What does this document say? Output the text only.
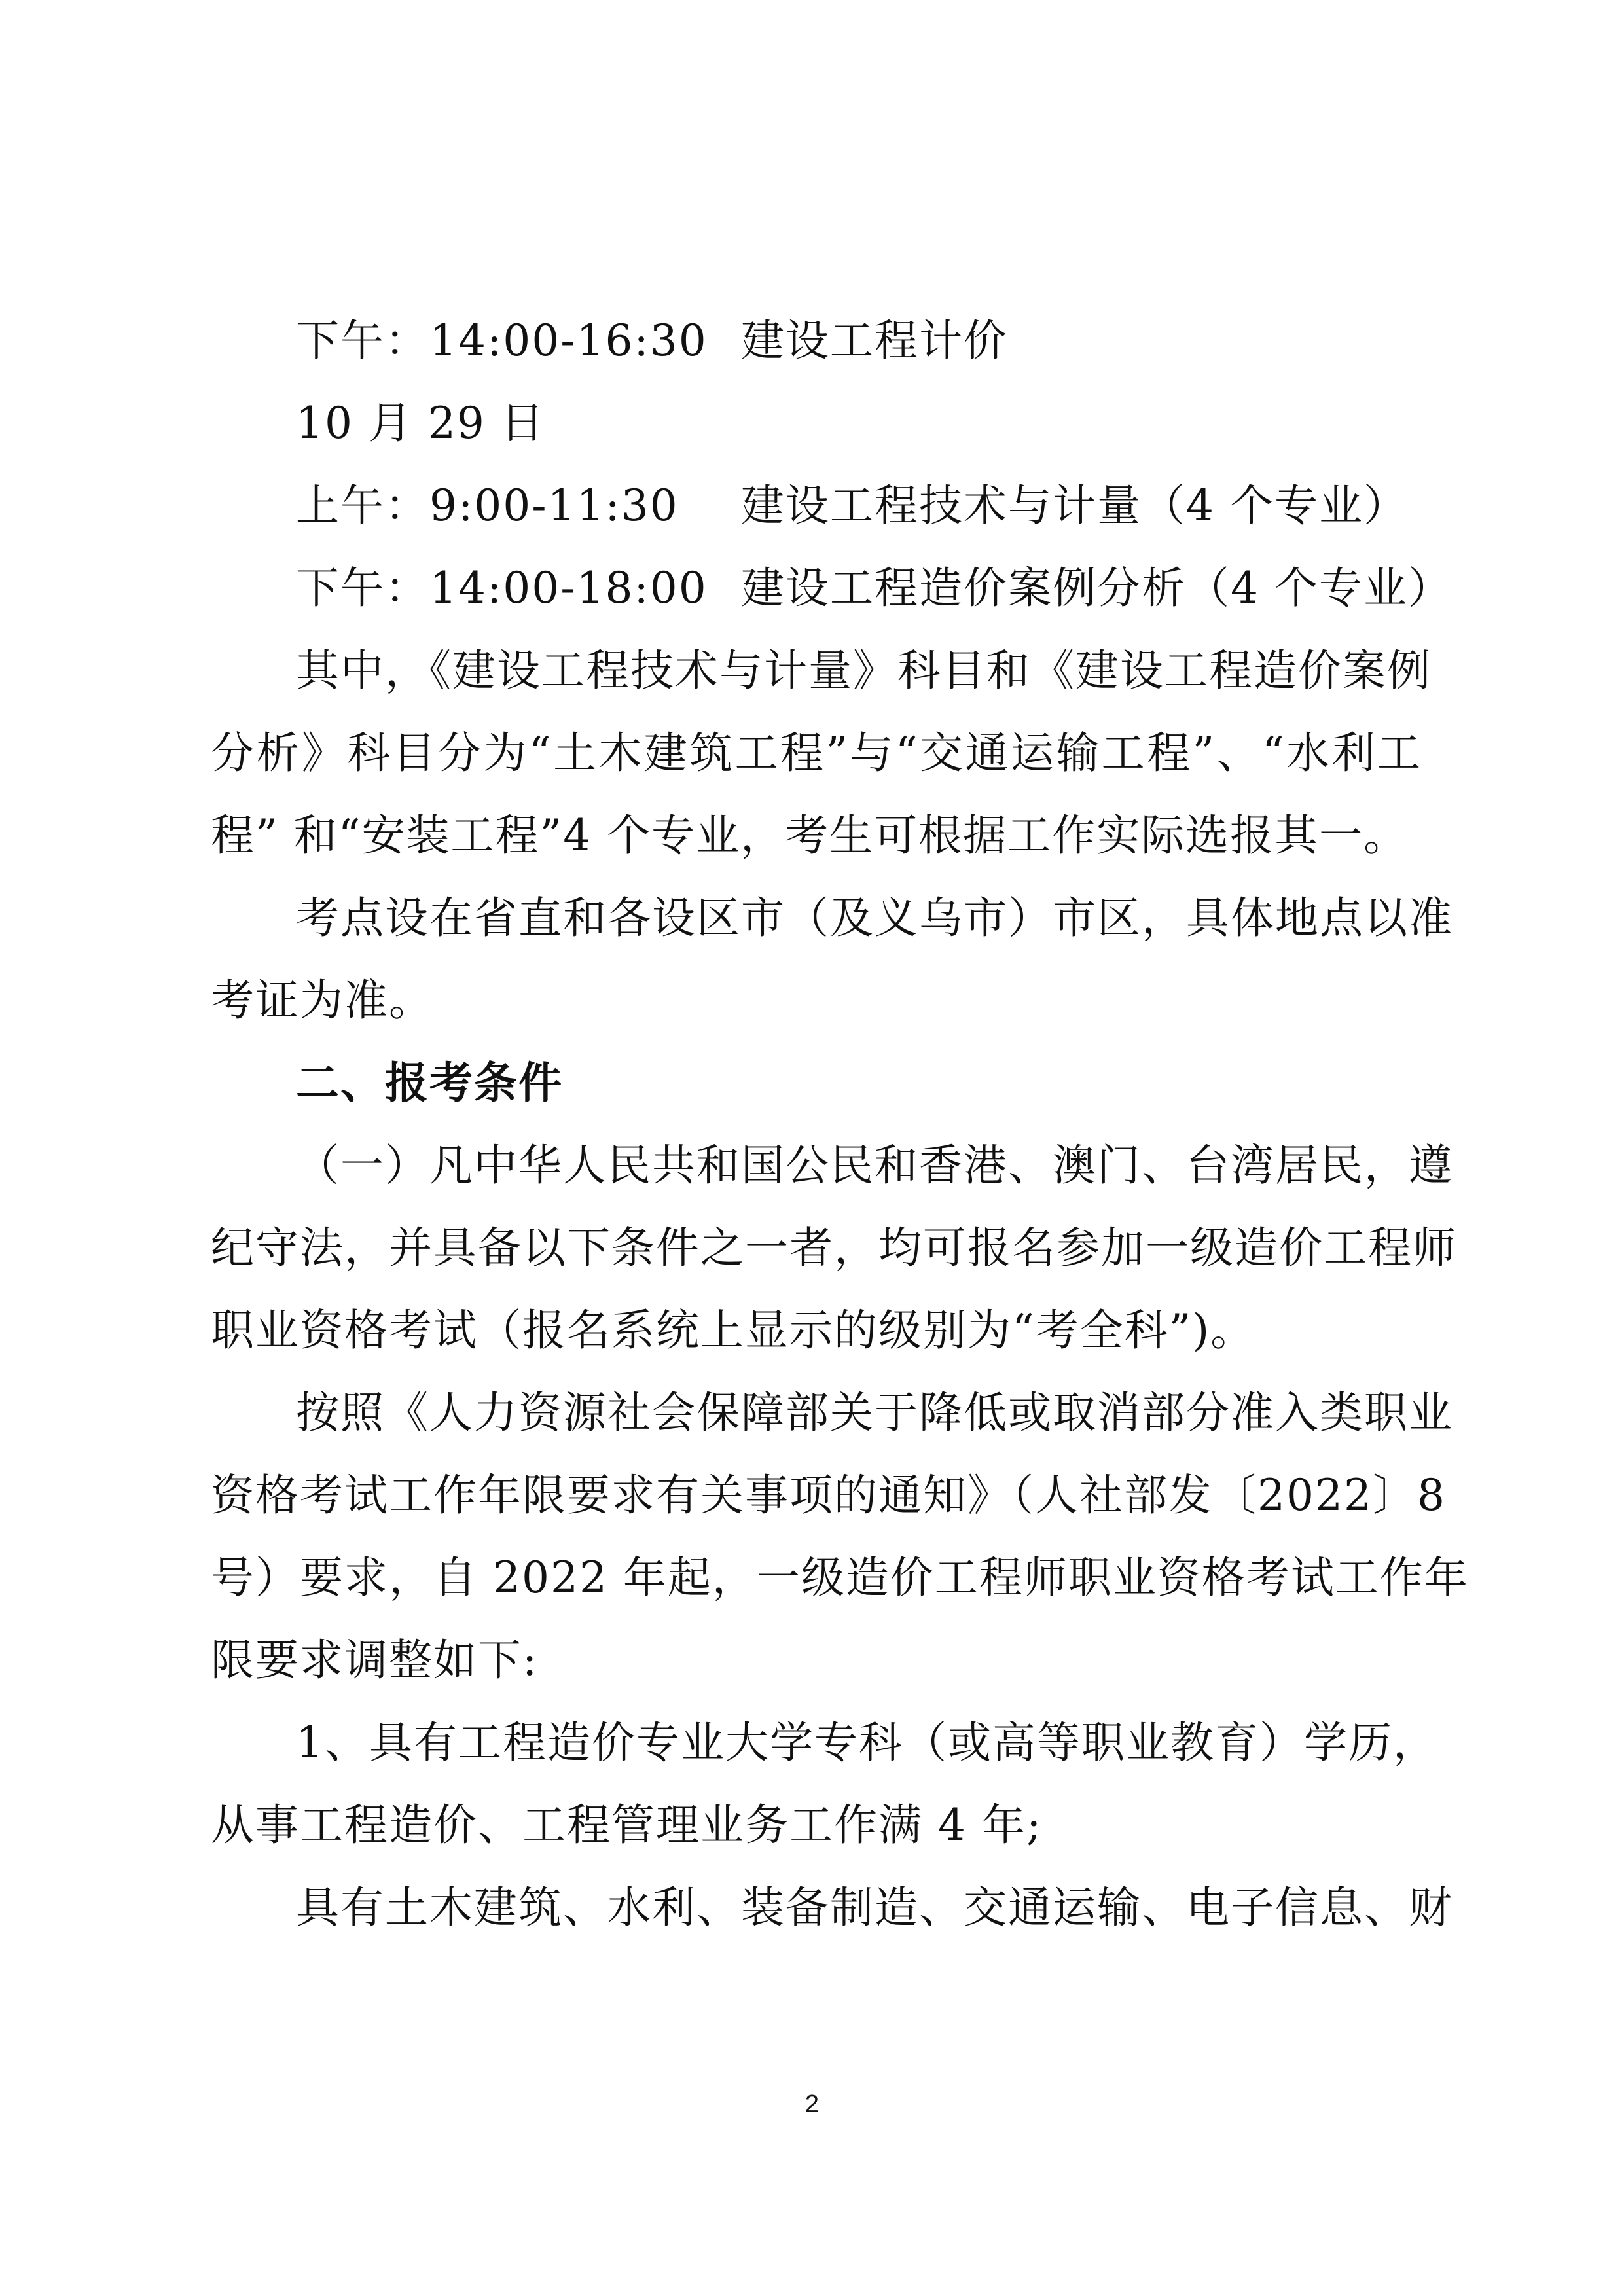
下午：14:00-16:30 建设工程计价
10 月 29 日
上午：9:00-11:30 建设工程技术与计量（4 个专业）
下午：14:00-18:00 建设工程造价案例分析（4 个专业）
其中，《建设工程技术与计量》科目和《建设工程造价案例
分析》科目分为“土木建筑工程”与“交通运输工程”、“水利工
程” 和“安装工程”4 个专业，考生可根据工作实际选报其一。
考点设在省直和各设区市（及义乌市）市区，具体地点以准
考证为准。
二、报考条件
（一）凡中华人民共和国公民和香港、澳门、台湾居民，遵
纪守法，并具备以下条件之一者，均可报名参加一级造价工程师
职业资格考试（报名系统上显示的级别为“考全科”)。
按照《人力资源社会保障部关于降低或取消部分准入类职业
资格考试工作年限要求有关事项的通知》（人社部发〔2022〕8
号）要求，自 2022 年起，一级造价工程师职业资格考试工作年
限要求调整如下:
1、具有工程造价专业大学专科（或高等职业教育）学历，
从事工程造价、工程管理业务工作满 4 年;
具有土木建筑、水利、装备制造、交通运输、电子信息、财
2
